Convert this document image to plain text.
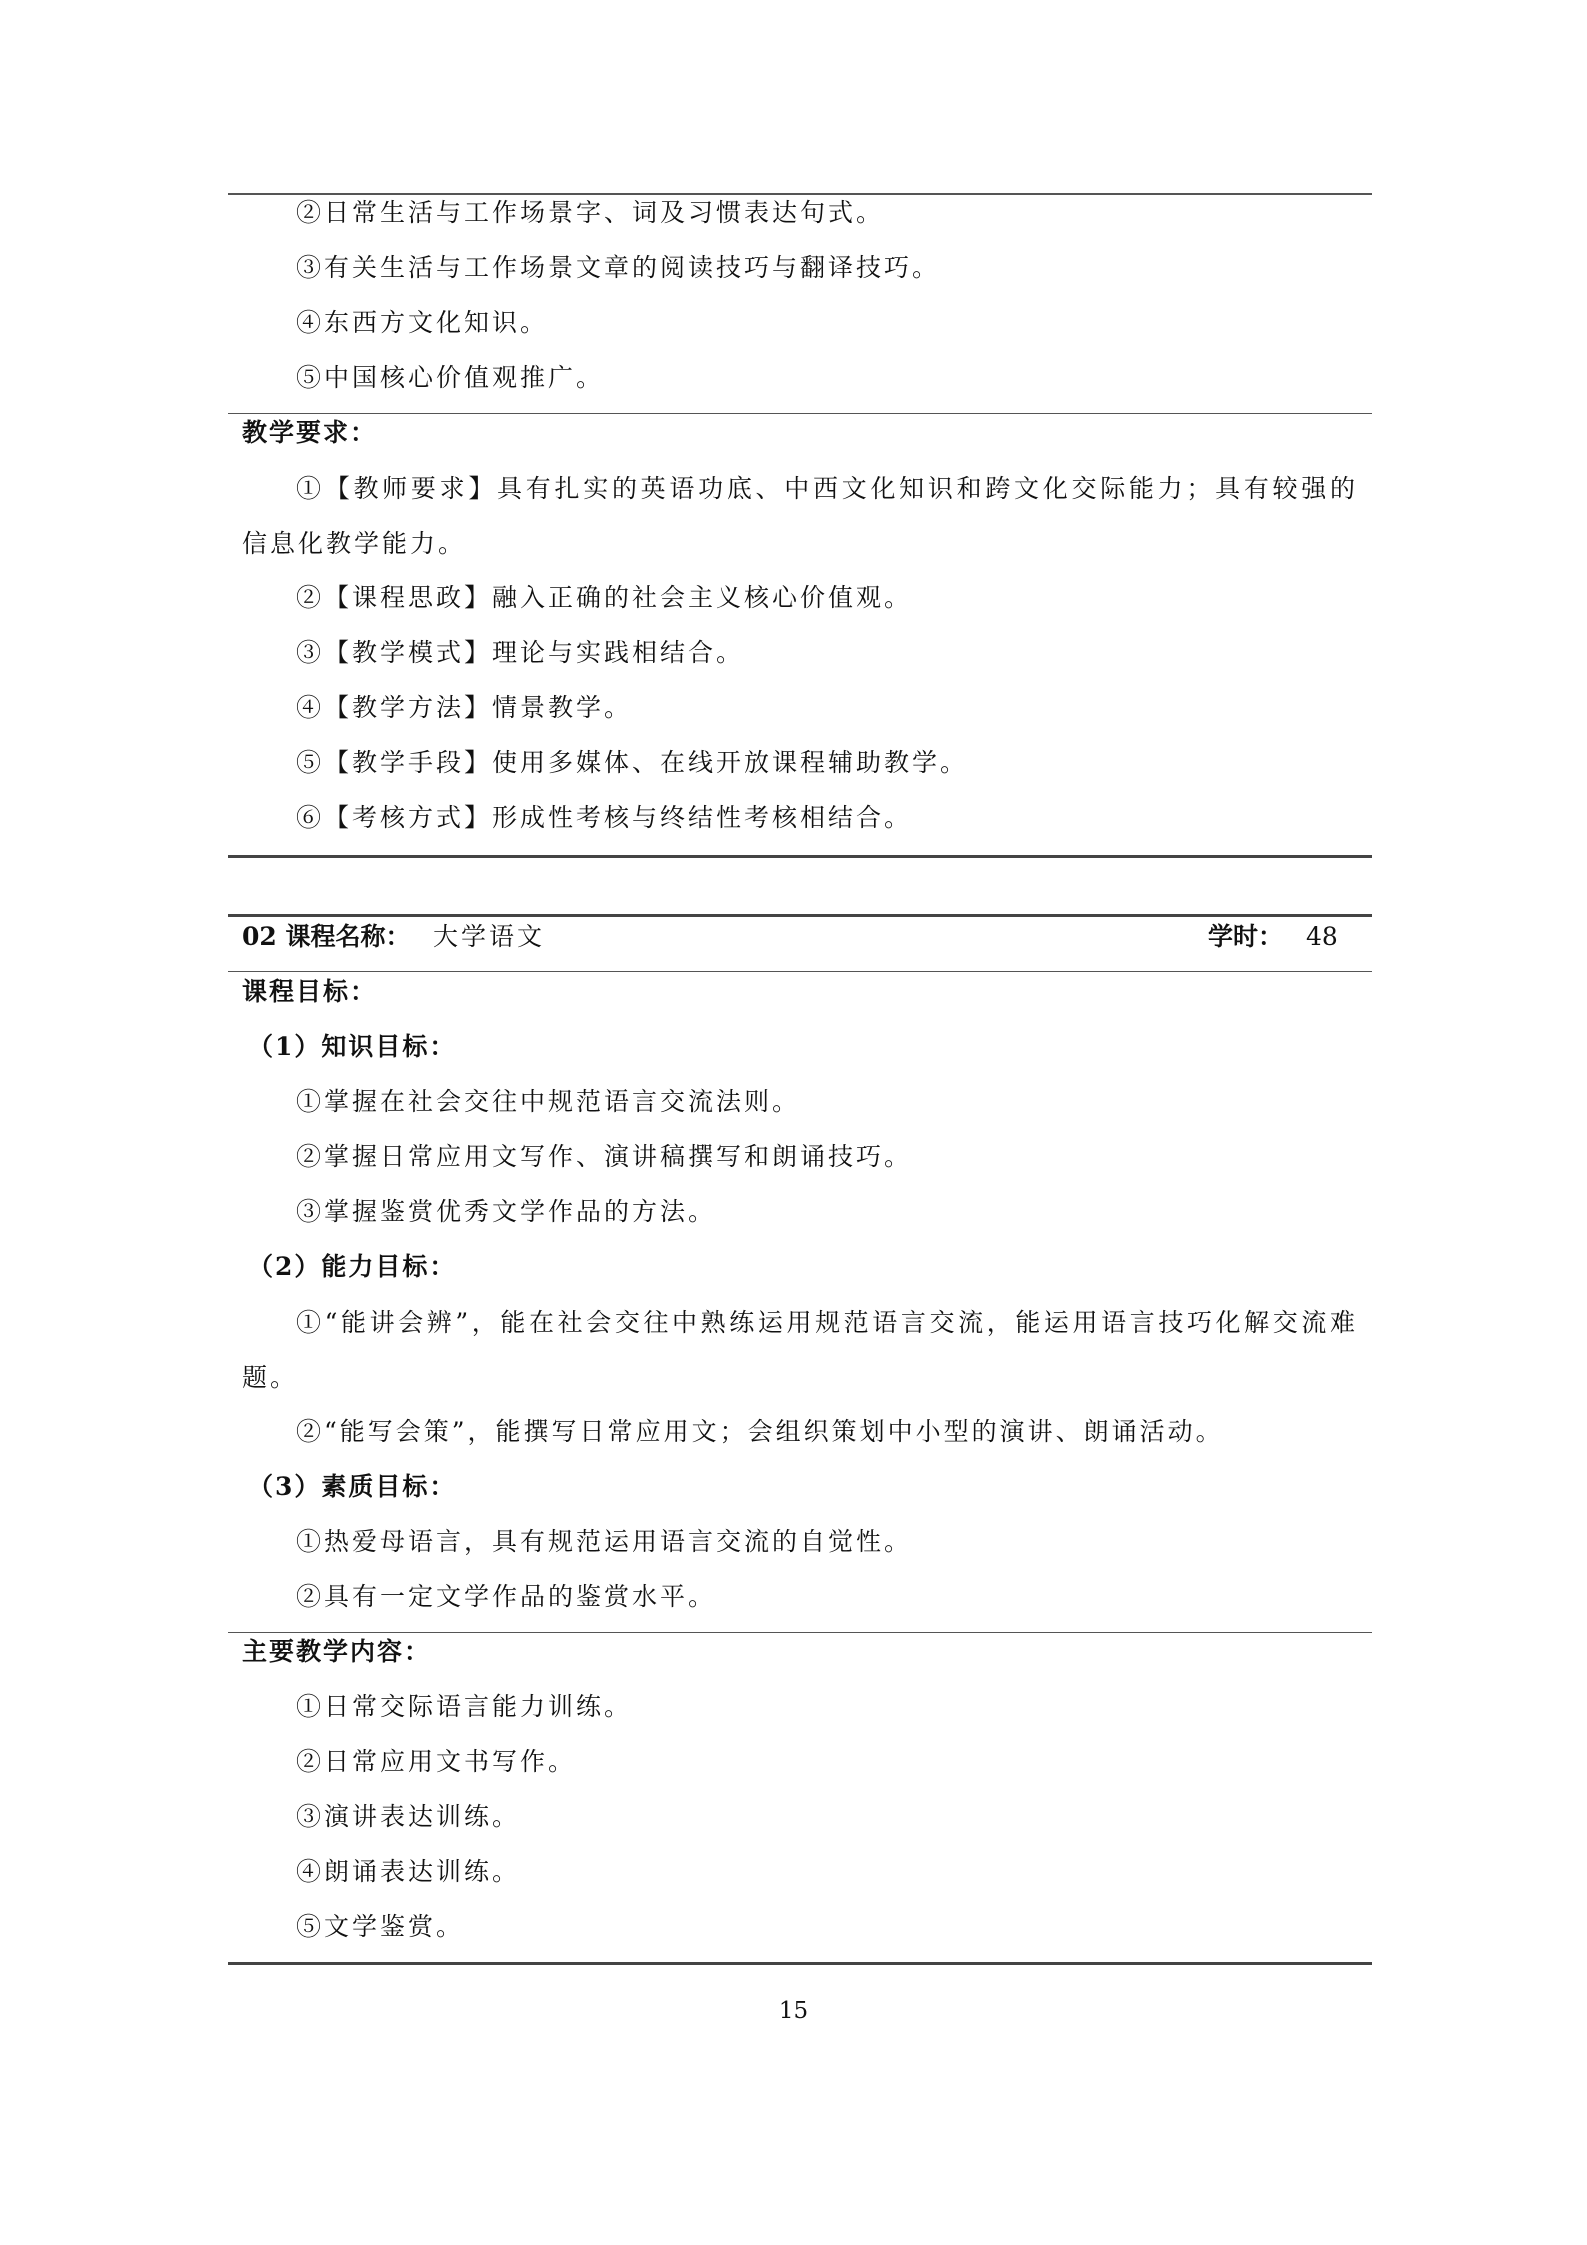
②日常生活与工作场景字、词及习惯表达句式。
③有关生活与工作场景文章的阅读技巧与翻译技巧。
④东西方文化知识。
⑤中国核心价值观推广。
教学要求：
①【教师要求】具有扎实的英语功底、中西文化知识和跨文化交际能力；具有较强的信息化教学能力。
②【课程思政】融入正确的社会主义核心价值观。
③【教学模式】理论与实践相结合。
④【教学方法】情景教学。
⑤【教学手段】使用多媒体、在线开放课程辅助教学。
⑥【考核方式】形成性考核与终结性考核相结合。
02 课程名称： 大学语文	学时： 48
课程目标：
（1）知识目标：
①掌握在社会交往中规范语言交流法则。
②掌握日常应用文写作、演讲稿撰写和朗诵技巧。
③掌握鉴赏优秀文学作品的方法。
（2）能力目标：
①“能讲会辨”，能在社会交往中熟练运用规范语言交流，能运用语言技巧化解交流难题。
②“能写会策”，能撰写日常应用文；会组织策划中小型的演讲、朗诵活动。
（3）素质目标：
①热爱母语言，具有规范运用语言交流的自觉性。
②具有一定文学作品的鉴赏水平。
主要教学内容：
①日常交际语言能力训练。
②日常应用文书写作。
③演讲表达训练。
④朗诵表达训练。
⑤文学鉴赏。
15
